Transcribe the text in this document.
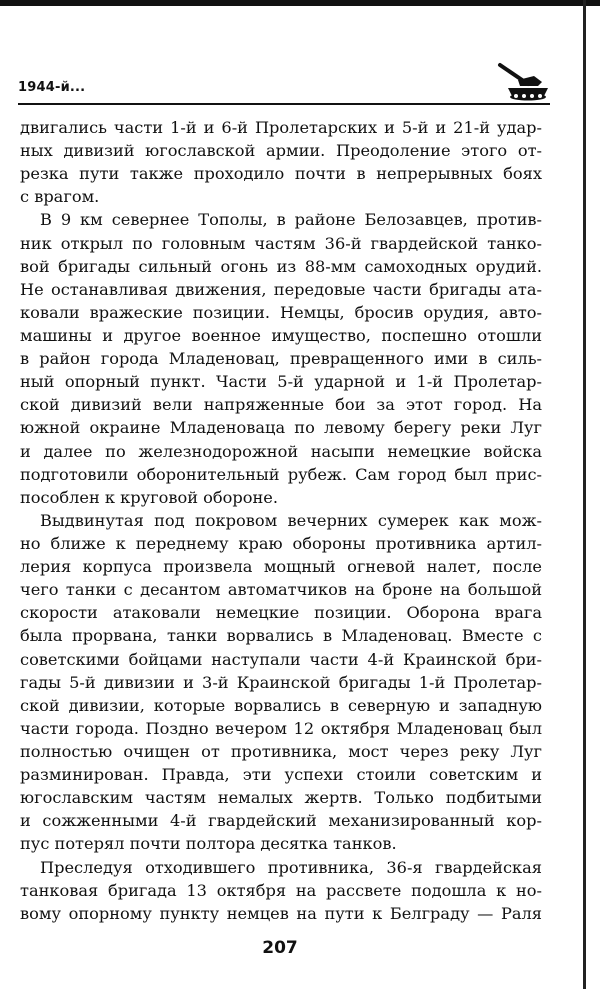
1944-й...
двигались части 1-й и 6-й Пролетарских и 5-й и 21-й удар-
ных дивизий югославской армии. Преодоление этого от-
резка пути также проходило почти в непрерывных боях
с врагом.
В 9 км севернее Тополы, в районе Белозавцев, против-
ник открыл по головным частям 36-й гвардейской танко-
вой бригады сильный огонь из 88-мм самоходных орудий.
Не останавливая движения, передовые части бригады ата-
ковали вражеские позиции. Немцы, бросив орудия, авто-
машины и другое военное имущество, поспешно отошли
в район города Младеновац, превращенного ими в силь-
ный опорный пункт. Части 5-й ударной и 1-й Пролетар-
ской дивизий вели напряженные бои за этот город. На
южной окраине Младеноваца по левому берегу реки Луг
и далее по железнодорожной насыпи немецкие войска
подготовили оборонительный рубеж. Сам город был прис-
пособлен к круговой обороне.
Выдвинутая под покровом вечерних сумерек как мож-
но ближе к переднему краю обороны противника артил-
лерия корпуса произвела мощный огневой налет, после
чего танки с десантом автоматчиков на броне на большой
скорости атаковали немецкие позиции. Оборона врага
была прорвана, танки ворвались в Младеновац. Вместе с
советскими бойцами наступали части 4-й Краинской бри-
гады 5-й дивизии и 3-й Краинской бригады 1-й Пролетар-
ской дивизии, которые ворвались в северную и западную
части города. Поздно вечером 12 октября Младеновац был
полностью очищен от противника, мост через реку Луг
разминирован. Правда, эти успехи стоили советским и
югославским частям немалых жертв. Только подбитыми
и сожженными 4-й гвардейский механизированный кор-
пус потерял почти полтора десятка танков.
Преследуя отходившего противника, 36-я гвардейская
танковая бригада 13 октября на рассвете подошла к но-
вому опорному пункту немцев на пути к Белграду — Раля
207
